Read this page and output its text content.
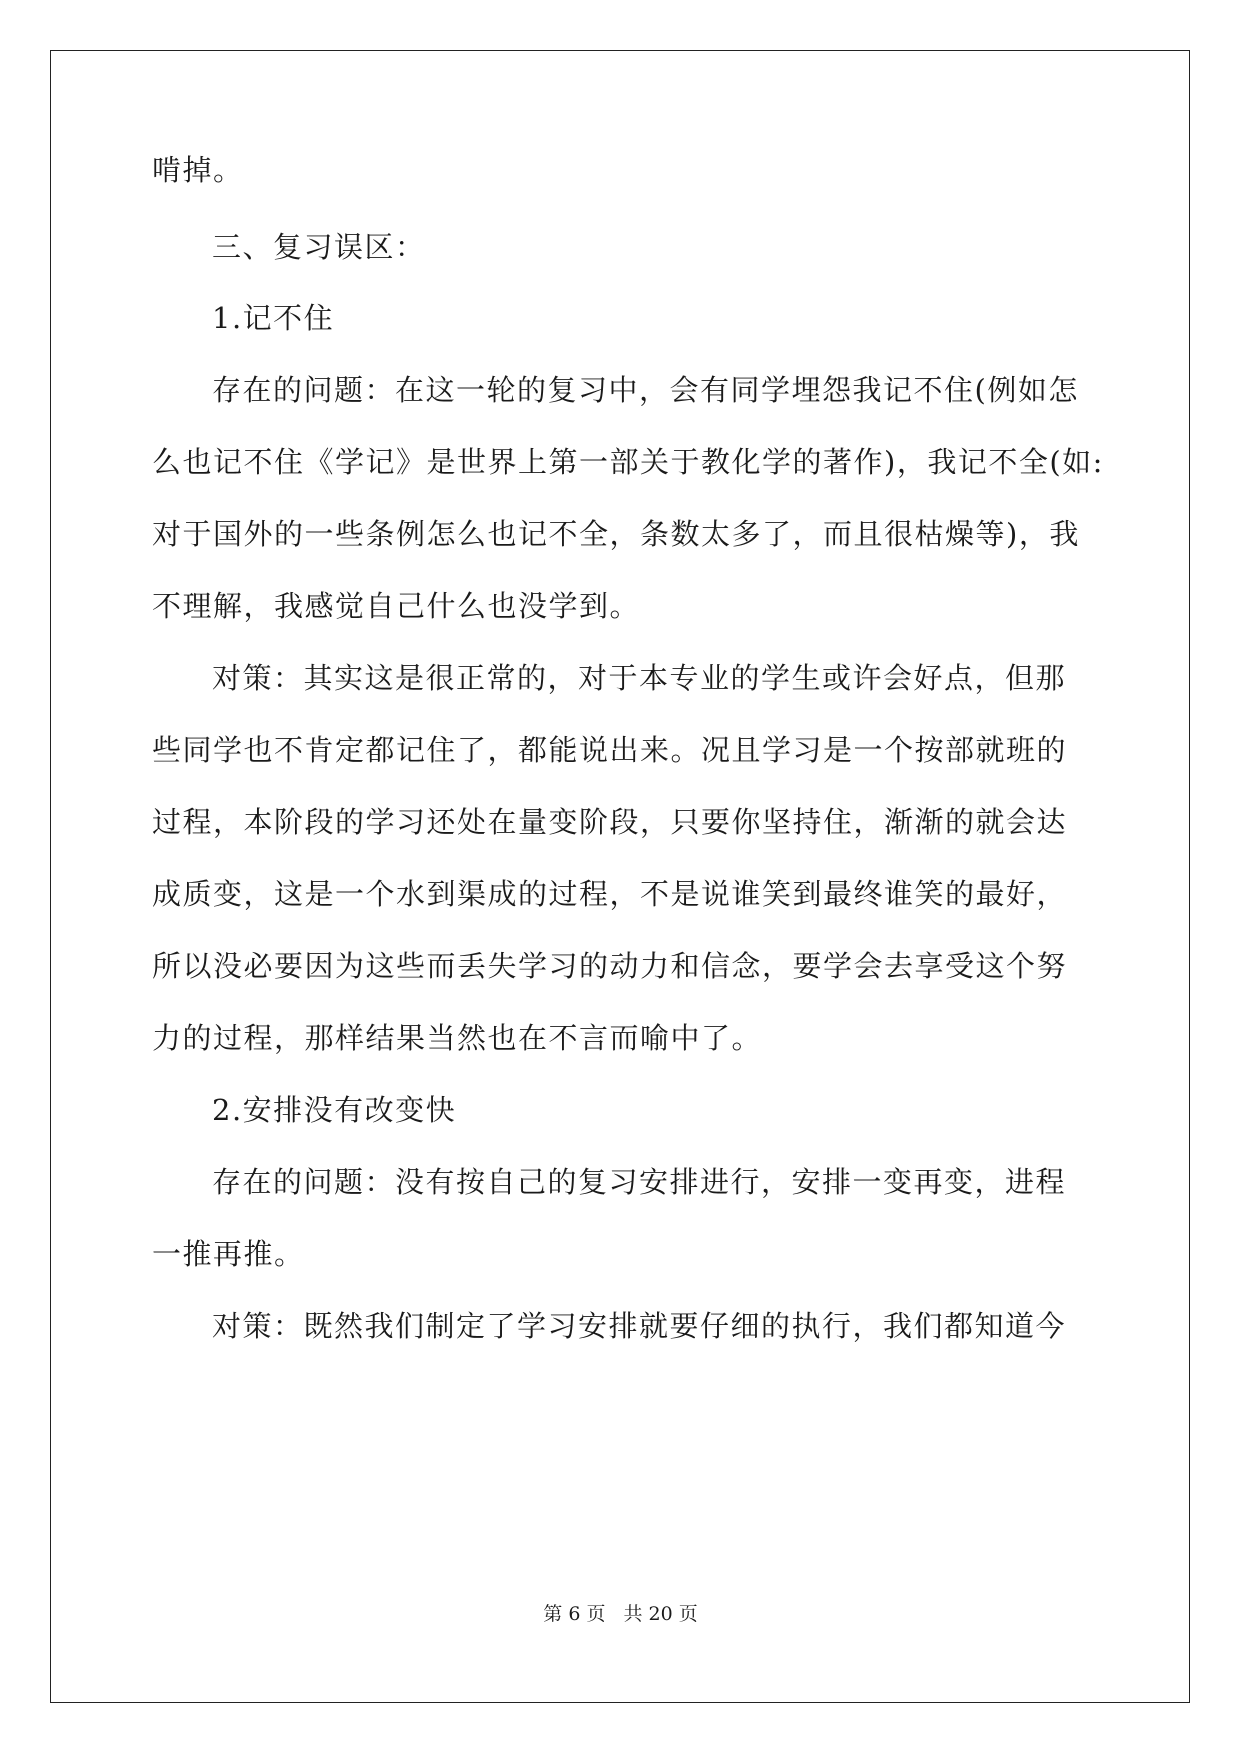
啃掉。
三、复习误区：
1.记不住
存在的问题：在这一轮的复习中，会有同学埋怨我记不住(例如怎
么也记不住《学记》是世界上第一部关于教化学的著作)，我记不全(如:
对于国外的一些条例怎么也记不全，条数太多了，而且很枯燥等)，我
不理解，我感觉自己什么也没学到。
对策：其实这是很正常的，对于本专业的学生或许会好点，但那
些同学也不肯定都记住了，都能说出来。况且学习是一个按部就班的
过程，本阶段的学习还处在量变阶段，只要你坚持住，渐渐的就会达
成质变，这是一个水到渠成的过程，不是说谁笑到最终谁笑的最好，
所以没必要因为这些而丢失学习的动力和信念，要学会去享受这个努
力的过程，那样结果当然也在不言而喻中了。
2.安排没有改变快
存在的问题：没有按自己的复习安排进行，安排一变再变，进程
一推再推。
对策：既然我们制定了学习安排就要仔细的执行，我们都知道今
第 6 页 共 20 页
